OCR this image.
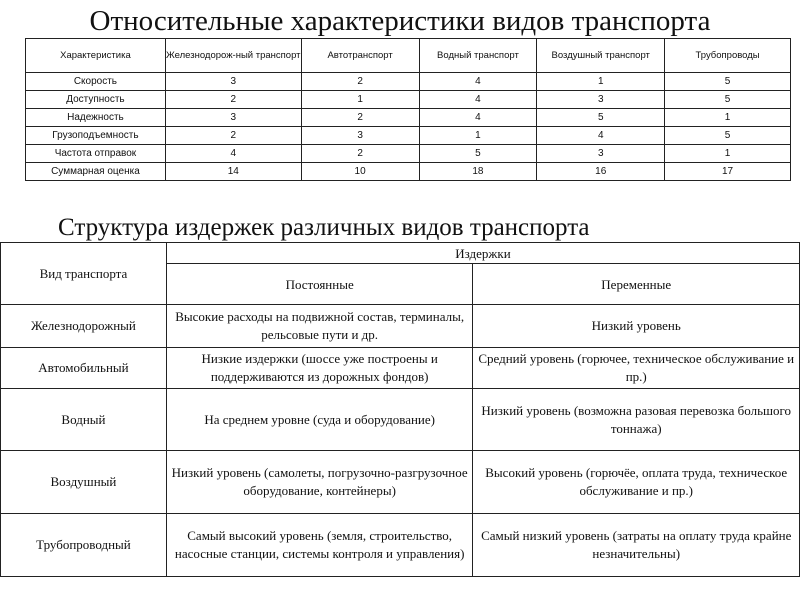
Относительные характеристики видов транспорта
Характеристика	Железнодорож-ный транспорт	Автотранспорт	Водный транспорт	Воздушный транспорт	Трубопроводы
Скорость	3	2	4	1	5
Доступность	2	1	4	3	5
Надежность	3	2	4	5	1
Грузоподъемность	2	3	1	4	5
Частота отправок	4	2	5	3	1
Суммарная оценка	14	10	18	16	17
Структура издержек различных видов транспорта
Вид транспорта	Издержки	
	Постоянные	Переменные
Железнодорожный	Высокие расходы на подвижной состав, терминалы, рельсовые пути и др.	Низкий уровень
Автомобильный	Низкие издержки (шоссе уже построены и поддерживаются из дорожных фондов)	Средний уровень (горючее, техническое обслуживание и пр.)
Водный	На среднем уровне (суда и оборудование)	Низкий уровень (возможна разовая перевозка большого тоннажа)
Воздушный	Низкий уровень (самолеты, погрузочно-разгрузочное оборудование, контейнеры)	Высокий уровень (горючёе, оплата труда, техническое обслуживание и пр.)
Трубопроводный	Самый высокий уровень (земля, строительство, насосные станции, системы контроля и управления)	Самый низкий уровень (затраты на оплату труда крайне незначительны)
